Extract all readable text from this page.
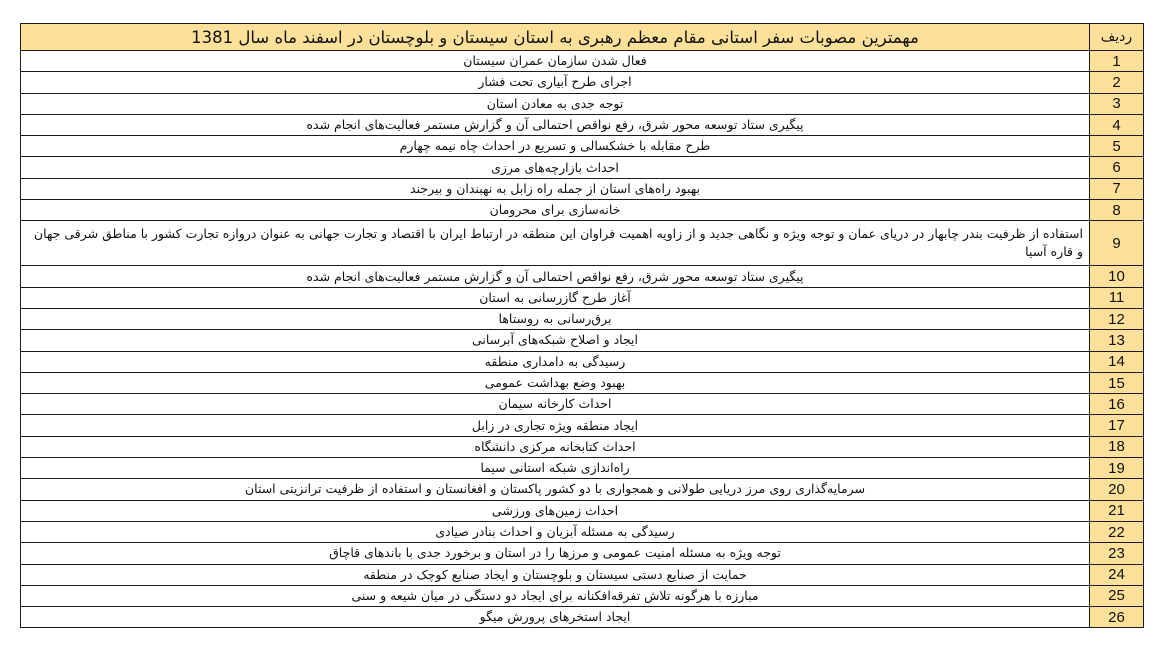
ردیف	مهمترین مصوبات سفر استانی مقام معظم رهبری به استان سیستان و بلوچستان در اسفند ماه سال 1381
1	فعال شدن سازمان عمران سیستان
2	اجرای طرح آبیاری تحت فشار
3	توجه جدی به معادن استان
4	پیگیری ستاد توسعه محور شرق، رفع نواقص احتمالی آن و گزارش مستمر فعالیت‌های انجام شده
5	طرح مقابله با خشکسالی و تسریع در احداث چاه نیمه چهارم
6	احداث بازارچه‌های مرزی
7	بهبود راه‌های استان از جمله راه زابل به نهبندان و بیرجند
8	خانه‌سازی برای محرومان
9	استفاده از ظرفیت بندر چابهار در دریای عمان و توجه ویژه و نگاهی جدید و از زاویه اهمیت فراوان این منطقه در ارتباط ایران با اقتصاد و تجارت جهانی به عنوان دروازه تجارت کشور با مناطق شرقی جهان و قاره آسیا
10	پیگیری ستاد توسعه محور شرق، رفع نواقص احتمالی آن و گزارش مستمر فعالیت‌های انجام شده
11	آغاز طرح گازرسانی به استان
12	برق‌رسانی به روستاها
13	ایجاد و اصلاح شبکه‌های آبرسانی
14	رسیدگی به دامداری منطقه
15	بهبود وضع بهداشت عمومی
16	احداث کارخانه سیمان
17	ایجاد منطقه ویژه تجاری در زابل
18	احداث کتابخانه مرکزی دانشگاه
19	راه‌اندازی شبکه استانی سیما
20	سرمایه‌گذاری روی مرز دریایی طولانی و همجواری با دو کشور پاکستان و افغانستان و استفاده از ظرفیت ترانزیتی استان
21	احداث زمین‌های ورزشی
22	رسیدگی به مسئله آبزیان و احداث بنادر صیادی
23	توجه ویژه به مسئله امنیت عمومی و مرزها را در استان و برخورد جدی با باندهای قاچاق
24	حمایت از صنایع دستی سیستان و بلوچستان و ایجاد صنایع کوچک در منطقه
25	مبارزه با هرگونه تلاش تفرقه‌افکنانه برای ایجاد دو دستگی در میان شیعه و سنی
26	ایجاد استخرهای پرورش میگو
